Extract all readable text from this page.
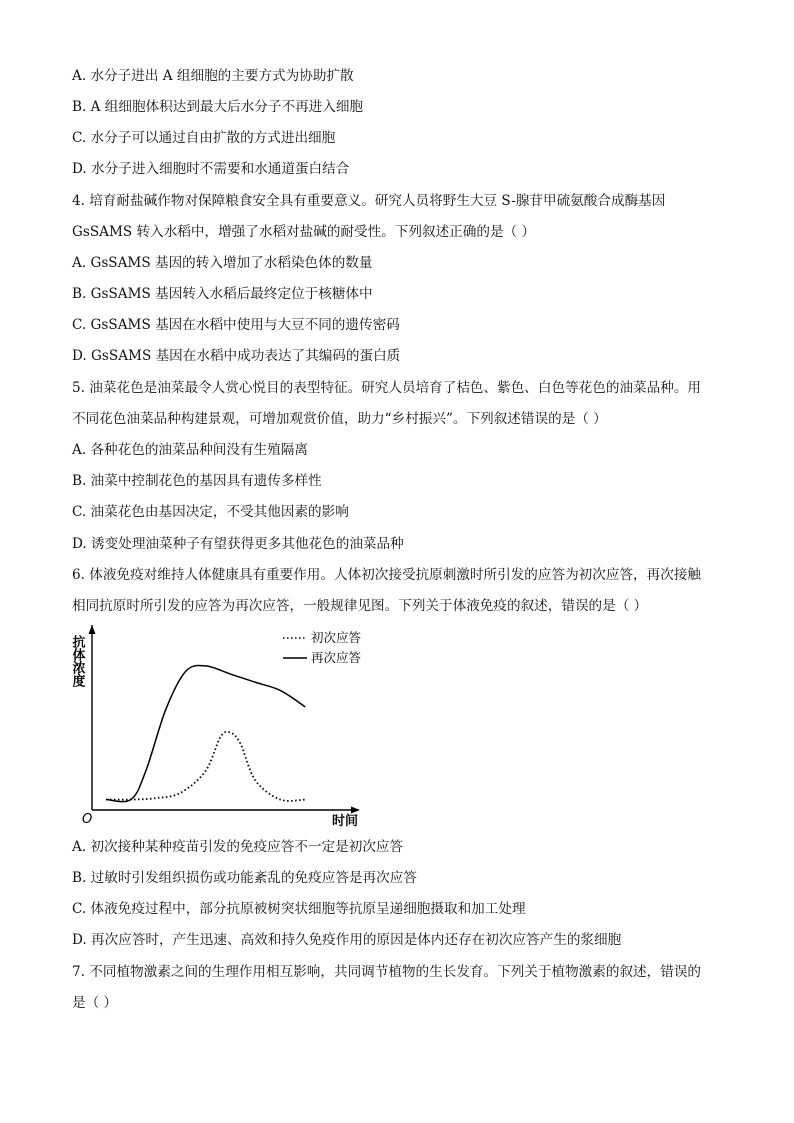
A. 水分子进出 A 组细胞的主要方式为协助扩散
B. A 组细胞体积达到最大后水分子不再进入细胞
C. 水分子可以通过自由扩散的方式进出细胞
D. 水分子进入细胞时不需要和水通道蛋白结合
4. 培育耐盐碱作物对保障粮食安全具有重要意义。研究人员将野生大豆 S-腺苷甲硫氨酸合成酶基因
GsSAMS 转入水稻中，增强了水稻对盐碱的耐受性。下列叙述正确的是（ ）
A. GsSAMS 基因的转入增加了水稻染色体的数量
B. GsSAMS 基因转入水稻后最终定位于核糖体中
C. GsSAMS 基因在水稻中使用与大豆不同的遗传密码
D. GsSAMS 基因在水稻中成功表达了其编码的蛋白质
5. 油菜花色是油菜最令人赏心悦目的表型特征。研究人员培育了桔色、紫色、白色等花色的油菜品种。用
不同花色油菜品种构建景观，可增加观赏价值，助力“乡村振兴”。下列叙述错误的是（ ）
A. 各种花色的油菜品种间没有生殖隔离
B. 油菜中控制花色的基因具有遗传多样性
C. 油菜花色由基因决定，不受其他因素的影响
D. 诱变处理油菜种子有望获得更多其他花色的油菜品种
6. 体液免疫对维持人体健康具有重要作用。人体初次接受抗原刺激时所引发的应答为初次应答，再次接触
相同抗原时所引发的应答为再次应答，一般规律见图。下列关于体液免疫的叙述，错误的是（ ）
抗体浓度
时间
O
初次应答
再次应答
A. 初次接种某种疫苗引发的免疫应答不一定是初次应答
B. 过敏时引发组织损伤或功能紊乱的免疫应答是再次应答
C. 体液免疫过程中，部分抗原被树突状细胞等抗原呈递细胞摄取和加工处理
D. 再次应答时，产生迅速、高效和持久免疫作用的原因是体内还存在初次应答产生的浆细胞
7. 不同植物激素之间的生理作用相互影响，共同调节植物的生长发育。下列关于植物激素的叙述，错误的
是（ ）
